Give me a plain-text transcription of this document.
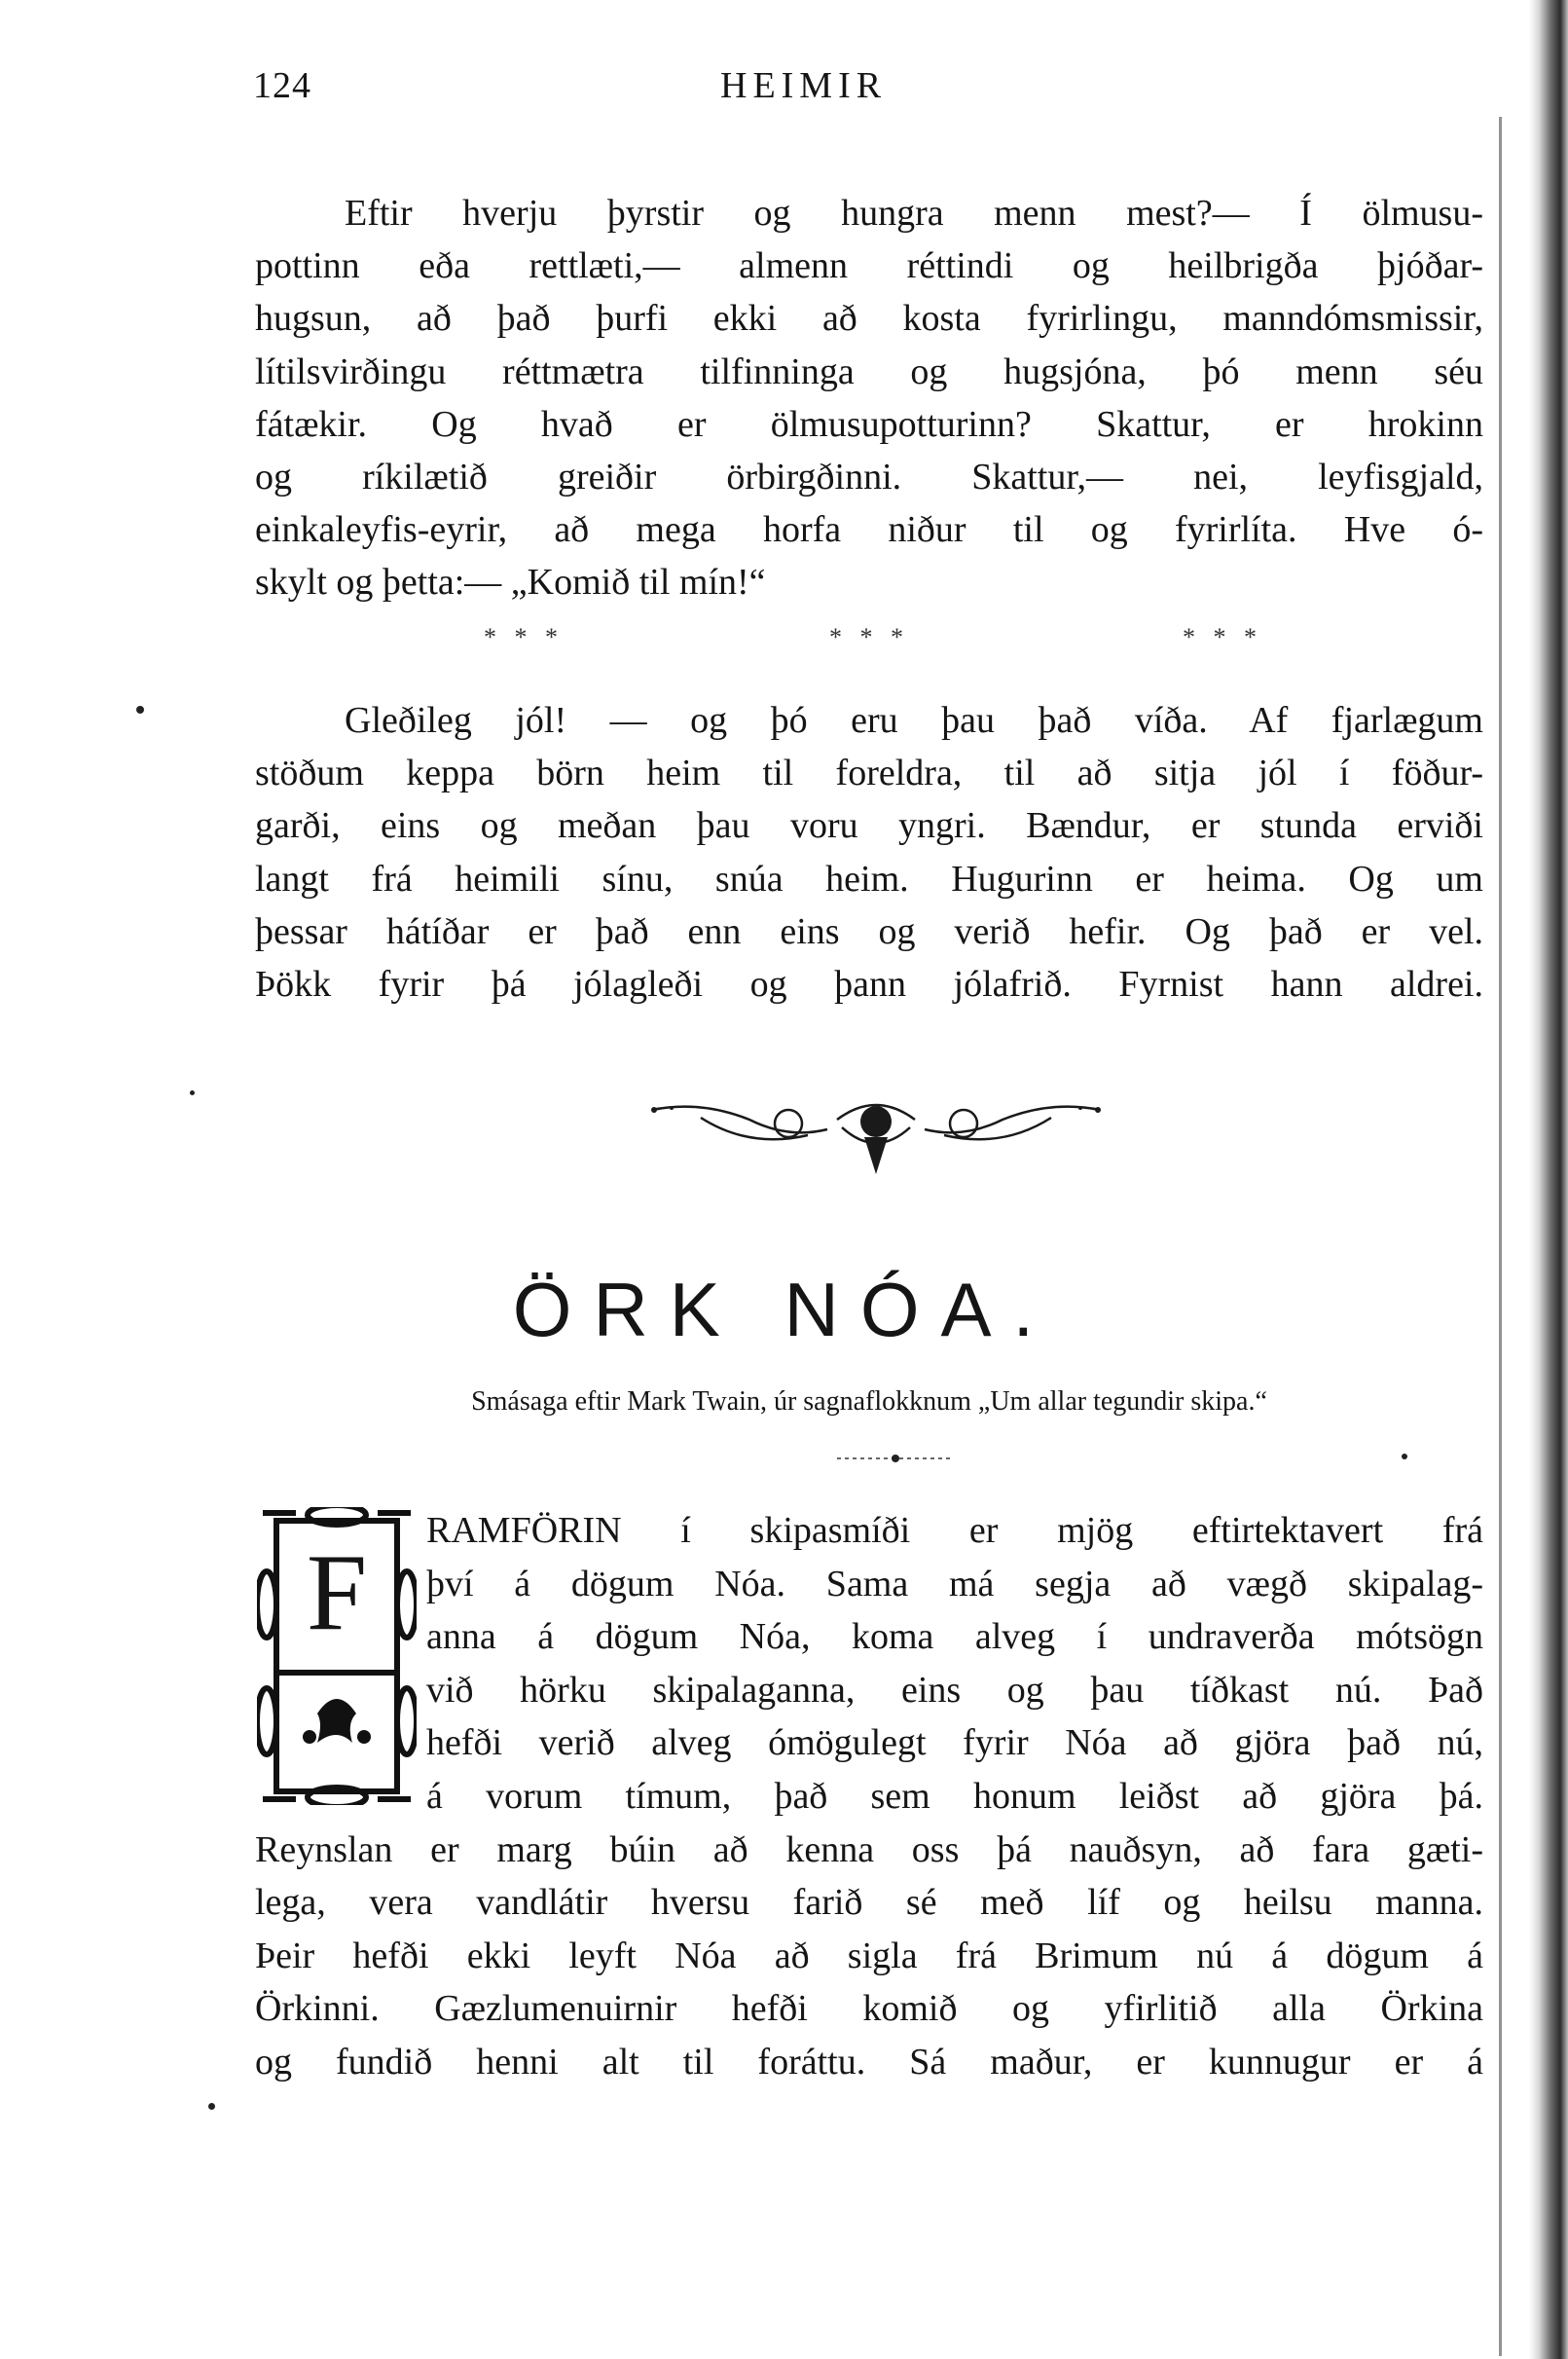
124	HEIMIR
Eftir hverju þyrstir og hungra menn mest?— Í ölmusu-
pottinn eða rettlæti,— almenn réttindi og heilbrigða þjóðar-
hugsun, að það þurfi ekki að kosta fyrirlingu, manndómsmissir,
lítilsvirðingu réttmætra tilfinninga og hugsjóna, þó menn séu
fátækir. Og hvað er ölmusupotturinn? Skattur, er hrokinn
og ríkilætið greiðir örbirgðinni. Skattur,— nei, leyfisgjald,
einkaleyfis-eyrir, að mega horfa niður til og fyrirlíta. Hve ó-
skylt og þetta:— „Komið til mín!“
* * *	* * *	* * *
Gleðileg jól! — og þó eru þau það víða. Af fjarlægum
stöðum keppa börn heim til foreldra, til að sitja jól í föður-
garði, eins og meðan þau voru yngri. Bændur, er stunda erviði
langt frá heimili sínu, snúa heim. Hugurinn er heima. Og um
þessar hátíðar er það enn eins og verið hefir. Og það er vel.
Þökk fyrir þá jólagleði og þann jólafrið. Fyrnist hann aldrei.
ÖRK NÓA.
Smásaga eftir Mark Twain, úr sagnaflokknum „Um allar tegundir skipa.“
F
RAMFÖRIN í skipasmíði er mjög eftirtektavert frá
því á dögum Nóa. Sama má segja að vægð skipalag-
anna á dögum Nóa, koma alveg í undraverða mótsögn
við hörku skipalaganna, eins og þau tíðkast nú. Það
hefði verið alveg ómögulegt fyrir Nóa að gjöra það nú,
á vorum tímum, það sem honum leiðst að gjöra þá.
Reynslan er marg búin að kenna oss þá nauðsyn, að fara gæti-
lega, vera vandlátir hversu farið sé með líf og heilsu manna.
Þeir hefði ekki leyft Nóa að sigla frá Brimum nú á dögum á
Örkinni. Gæzlumenuirnir hefði komið og yfirlitið alla Örkina
og fundið henni alt til foráttu. Sá maður, er kunnugur er á
